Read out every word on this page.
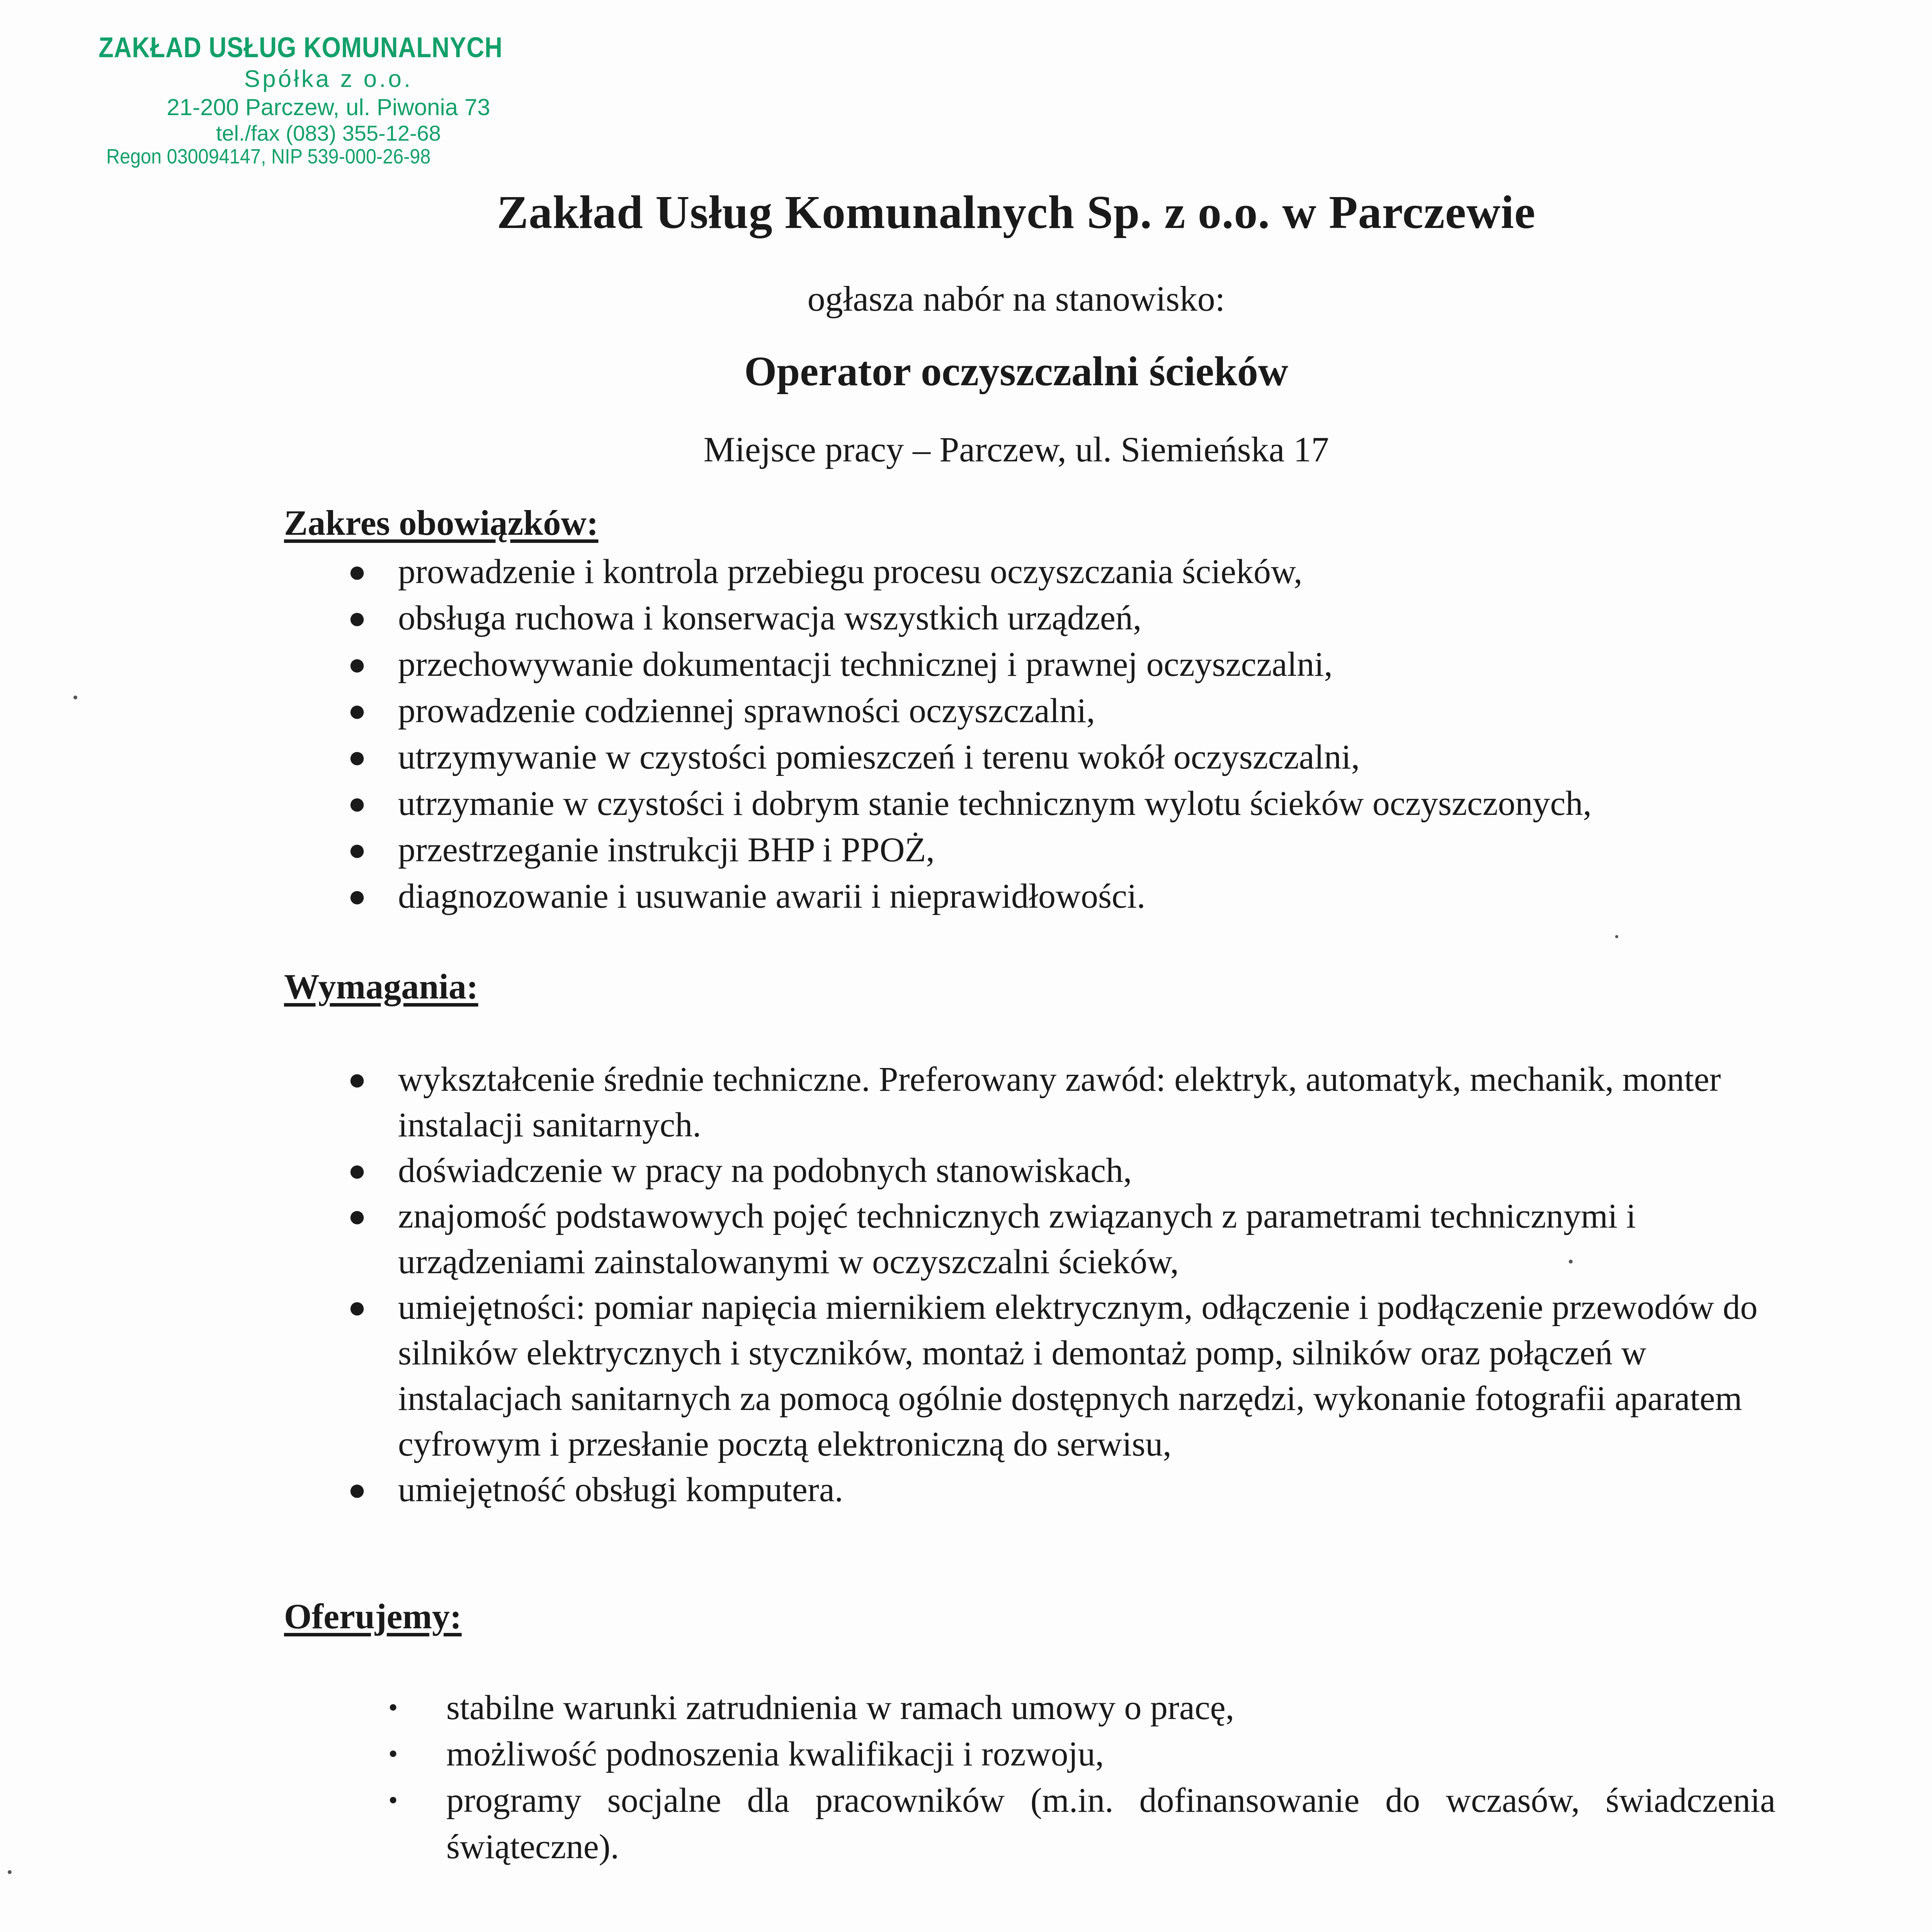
ZAKŁAD USŁUG KOMUNALNYCH
Spółka z o.o.
21-200 Parczew, ul. Piwonia 73
tel./fax (083) 355-12-68
Regon 030094147, NIP 539-000-26-98
Zakład Usług Komunalnych Sp. z o.o. w Parczewie
ogłasza nabór na stanowisko:
Operator oczyszczalni ścieków
Miejsce pracy – Parczew, ul. Siemieńska 17
Zakres obowiązków:
● prowadzenie i kontrola przebiegu procesu oczyszczania ścieków,
● obsługa ruchowa i konserwacja wszystkich urządzeń,
● przechowywanie dokumentacji technicznej i prawnej oczyszczalni,
● prowadzenie codziennej sprawności oczyszczalni,
● utrzymywanie w czystości pomieszczeń i terenu wokół oczyszczalni,
● utrzymanie w czystości i dobrym stanie technicznym wylotu ścieków oczyszczonych,
● przestrzeganie instrukcji BHP i PPOŻ,
● diagnozowanie i usuwanie awarii i nieprawidłowości.
Wymagania:
● wykształcenie średnie techniczne. Preferowany zawód: elektryk, automatyk, mechanik, monter instalacji sanitarnych.
● doświadczenie w pracy na podobnych stanowiskach,
● znajomość podstawowych pojęć technicznych związanych z parametrami technicznymi i urządzeniami zainstalowanymi w oczyszczalni ścieków,
● umiejętności: pomiar napięcia miernikiem elektrycznym, odłączenie i podłączenie przewodów do silników elektrycznych i styczników, montaż i demontaż pomp, silników oraz połączeń w instalacjach sanitarnych za pomocą ogólnie dostępnych narzędzi, wykonanie fotografii aparatem cyfrowym i przesłanie pocztą elektroniczną do serwisu,
● umiejętność obsługi komputera.
Oferujemy:
• stabilne warunki zatrudnienia w ramach umowy o pracę,
• możliwość podnoszenia kwalifikacji i rozwoju,
• programy socjalne dla pracowników (m.in. dofinansowanie do wczasów, świadczenia świąteczne).
